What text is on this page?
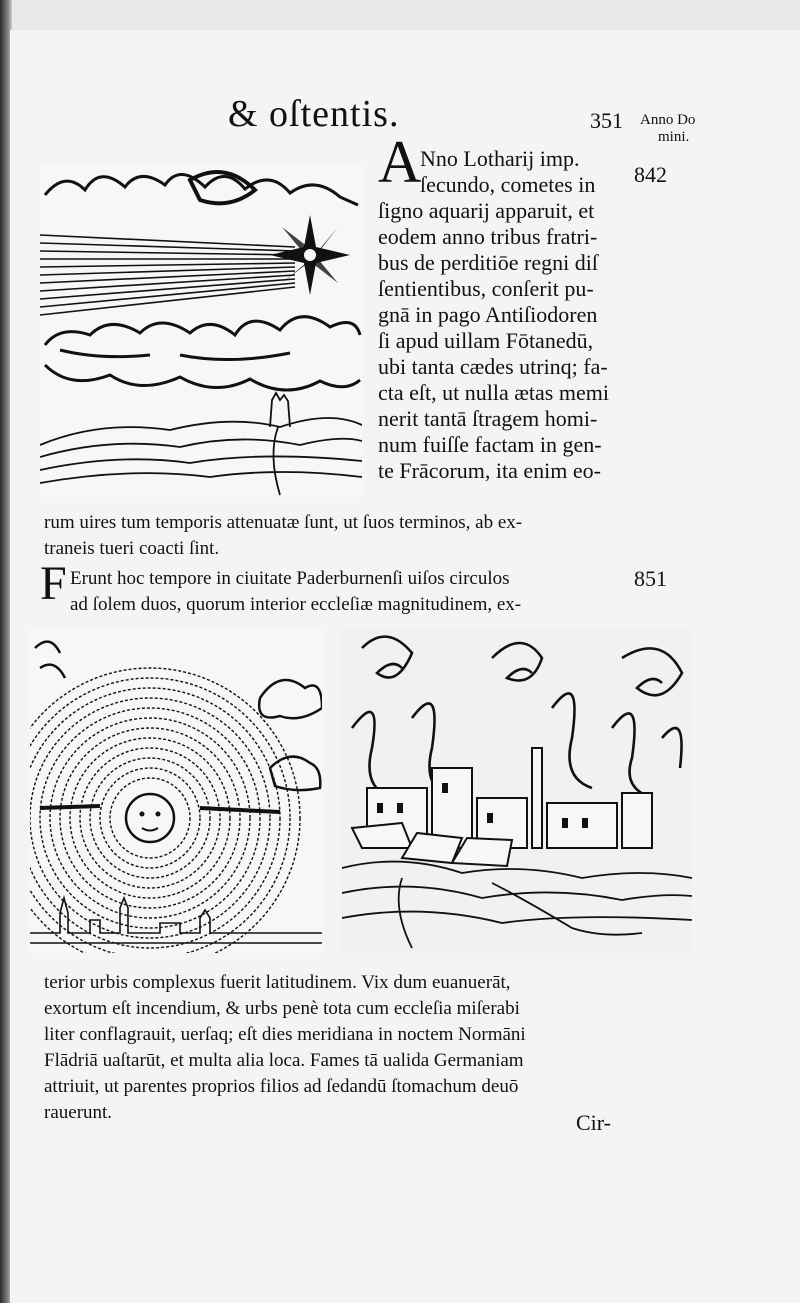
& oſtentis.	351 Anno Do
mini.
842
A
Nno Lotharij imp.
ſecundo, cometes in
ſigno aquarij apparuit, et
eodem anno tribus fratri-
bus de perditiōe regni diſ
ſentientibus, conſerit pu-
gnā in pago Antiſiodoren
ſi apud uillam Fōtanedū,
ubi tanta cædes utrinq; fa-
cta eſt, ut nulla ætas memi
nerit tantā ſtragem homi-
num fuiſſe factam in gen-
te Frācorum, ita enim eo-
rum uires tum temporis attenuatæ ſunt, ut ſuos terminos, ab ex-
traneis tueri coacti ſint.
F Erunt hoc tempore in ciuitate Paderburnenſi uiſos circulos
ad ſolem duos, quorum interior eccleſiæ magnitudinem, ex-
851
terior urbis complexus fuerit latitudinem. Vix dum euanuerāt,
exortum eſt incendium, & urbs penè tota cum eccleſia miſerabi
liter conflagrauit, uerſaq; eſt dies meridiana in noctem Normāni
Flādriā uaſtarūt, et multa alia loca. Fames tā ualida Germaniam
attriuit, ut parentes proprios filios ad ſedandū ſtomachum deuō
rauerunt.	Cir-
